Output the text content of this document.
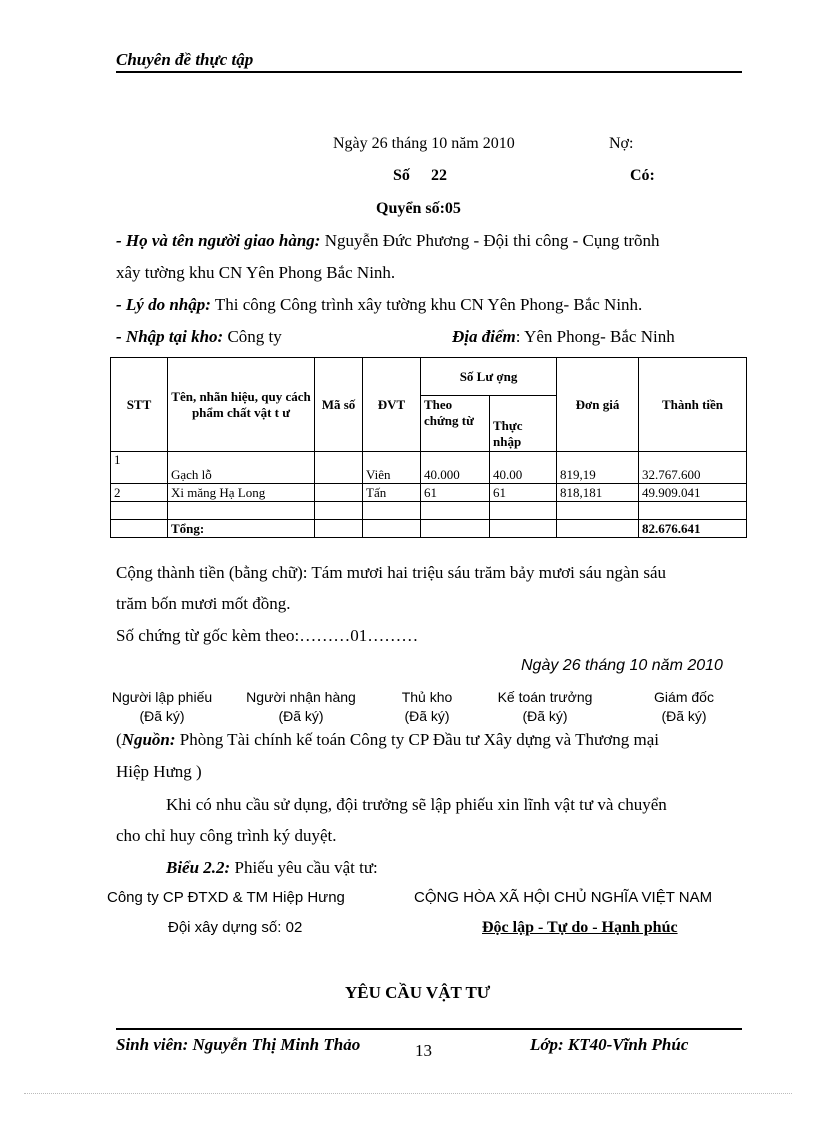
Chuyên đề thực tập
Ngày 26 tháng 10 năm 2010	Nợ:
Số 22	Có:
Quyển số:05
- Họ và tên người giao hàng: Nguyễn Đức Phương - Đội thi công - Cụng trõnh
xây tường khu CN Yên Phong Bắc Ninh.
- Lý do nhập: Thi công Công trình xây tường khu CN Yên Phong- Bắc Ninh.
- Nhập tại kho: Công ty	Địa điểm: Yên Phong- Bắc Ninh
STT	Tên, nhãn hiệu, quy cách phẩm chất vật t ư	Mã số	ĐVT	Số Lư ợng		Đơn giá	Thành tiền
				Theo chứng từ	Thực nhập		
1	Gạch lỗ		Viên	40.000	40.00	819,19	32.767.600
2	Xi măng Hạ Long		Tấn	61	61	818,181	49.909.041

	Tổng:						82.676.641
Cộng thành tiền (bằng chữ): Tám mươi hai triệu sáu trăm bảy mươi sáu ngàn sáu
trăm bốn mươi mốt đồng.
Số chứng từ gốc kèm theo:………01………
Ngày 26 tháng 10 năm 2010
Người lập phiếu
(Đã ký)
Người nhận hàng
(Đã ký)
Thủ kho
(Đã ký)
Kế toán trưởng
(Đã ký)
Giám đốc
(Đã ký)
(Nguồn: Phòng Tài chính kế toán Công ty CP Đầu tư Xây dựng và Thương mại
Hiệp Hưng )
Khi có nhu cầu sử dụng, đội trưởng sẽ lập phiếu xin lĩnh vật tư và chuyển
cho chỉ huy công trình ký duyệt.
Biểu 2.2: Phiếu yêu cầu vật tư:
Công ty CP ĐTXD & TM Hiệp Hưng	CỘNG HÒA XÃ HỘI CHỦ NGHĨA VIỆT NAM
Đội xây dựng số: 02	Độc lập - Tự do - Hạnh phúc
YÊU CẦU VẬT TƯ
Sinh viên: Nguyễn Thị Minh Thảo	13	Lớp: KT40-Vĩnh Phúc
